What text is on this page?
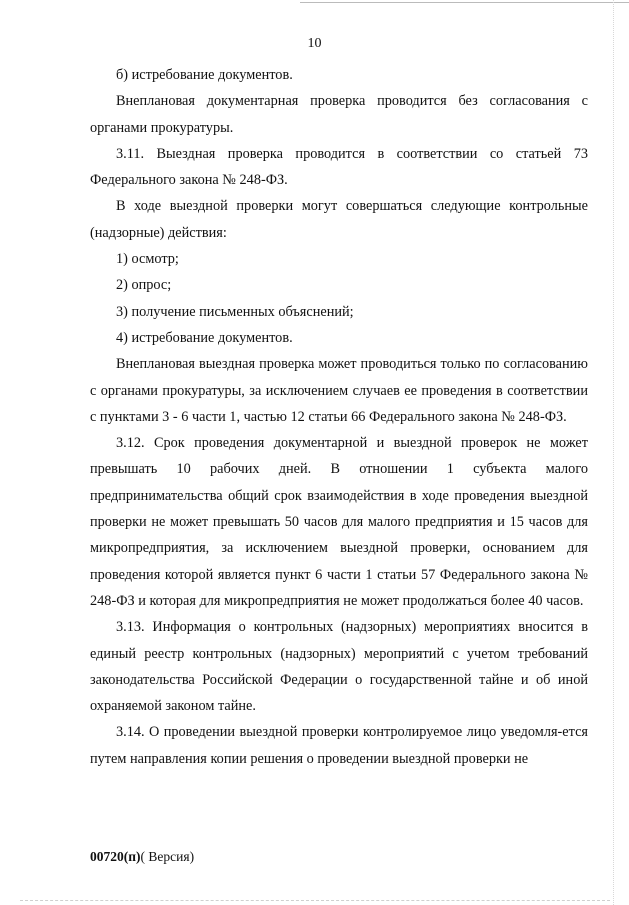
10

б) истребование документов.

Внеплановая документарная проверка проводится без согласования с органами прокуратуры.

3.11. Выездная проверка проводится в соответствии со статьей 73 Федерального закона № 248-ФЗ.

В ходе выездной проверки могут совершаться следующие контрольные (надзорные) действия:

1) осмотр;

2) опрос;

3) получение письменных объяснений;

4) истребование документов.

Внеплановая выездная проверка может проводиться только по согласованию с органами прокуратуры, за исключением случаев ее проведения в соответствии с пунктами 3 - 6 части 1, частью 12 статьи 66 Федерального закона № 248-ФЗ.

3.12. Срок проведения документарной и выездной проверок не может превышать 10 рабочих дней. В отношении 1 субъекта малого предпринимательства общий срок взаимодействия в ходе проведения выездной проверки не может превышать 50 часов для малого предприятия и 15 часов для микропредприятия, за исключением выездной проверки, основанием для проведения которой является пункт 6 части 1 статьи 57 Федерального закона № 248-ФЗ и которая для микропредприятия не может продолжаться более 40 часов.

3.13. Информация о контрольных (надзорных) мероприятиях вносится в единый реестр контрольных (надзорных) мероприятий с учетом требований законодательства Российской Федерации о государственной тайне и об иной охраняемой законом тайне.

3.14. О проведении выездной проверки контролируемое лицо уведомля-ется путем направления копии решения о проведении выездной проверки не

00720(п)( Версия)
